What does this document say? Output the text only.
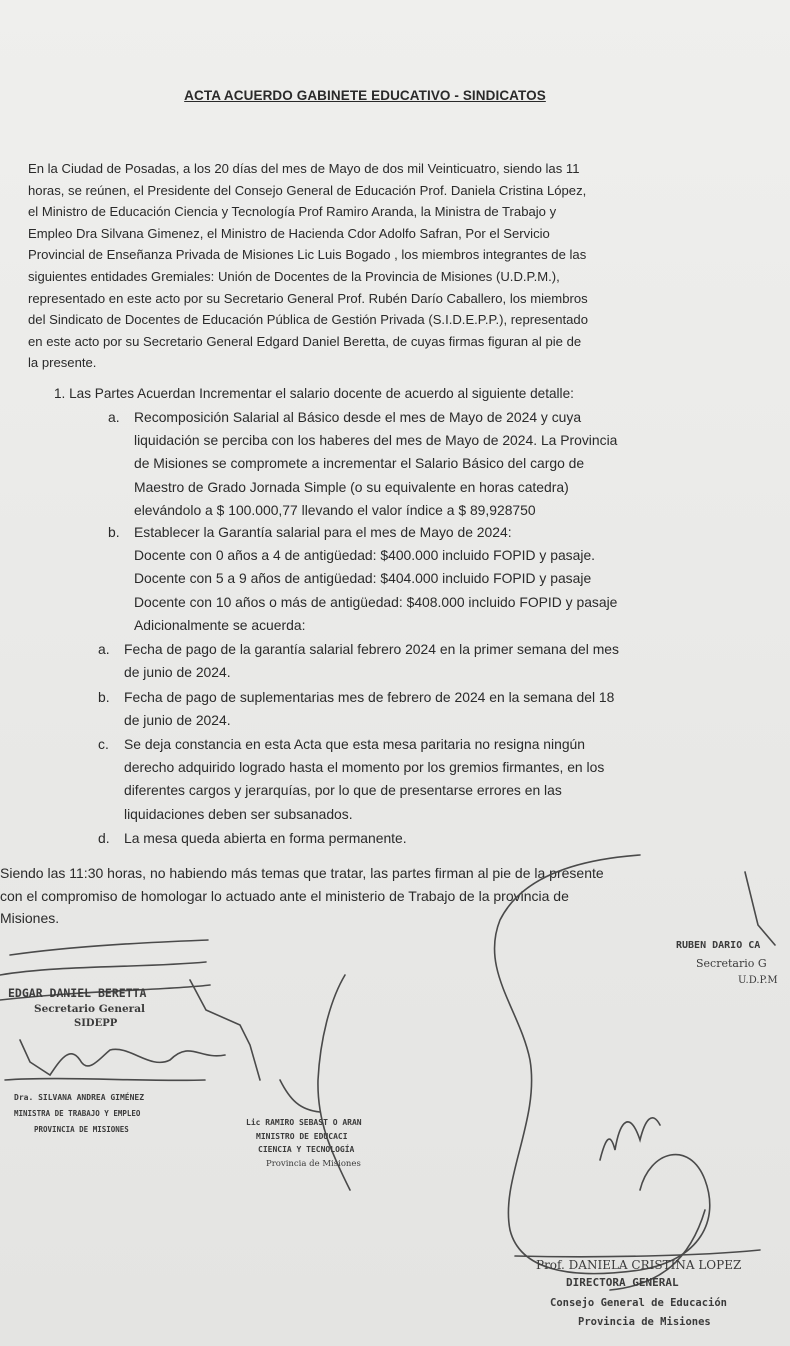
ACTA ACUERDO GABINETE EDUCATIVO - SINDICATOS
En la Ciudad de Posadas, a los 20 días del mes de Mayo de dos mil Veinticuatro, siendo las 11
horas, se reúnen, el Presidente del Consejo General de Educación Prof. Daniela Cristina López,
el Ministro de Educación Ciencia y Tecnología Prof Ramiro Aranda, la Ministra de Trabajo y
Empleo Dra Silvana Gimenez, el Ministro de Hacienda Cdor Adolfo Safran, Por el Servicio
Provincial de Enseñanza Privada de Misiones Lic Luis Bogado , los miembros integrantes de las
siguientes entidades Gremiales: Unión de Docentes de la Provincia de Misiones (U.D.P.M.),
representado en este acto por su Secretario General Prof. Rubén Darío Caballero, los miembros
del Sindicato de Docentes de Educación Pública de Gestión Privada (S.I.D.E.P.P.), representado
en este acto por su Secretario General Edgard Daniel Beretta, de cuyas firmas figuran al pie de
la presente.
1. Las Partes Acuerdan Incrementar el salario docente de acuerdo al siguiente detalle:
a. Recomposición Salarial al Básico desde el mes de Mayo de 2024 y cuya
liquidación se perciba con los haberes del mes de Mayo de 2024. La Provincia
de Misiones se compromete a incrementar el Salario Básico del cargo de
Maestro de Grado Jornada Simple (o su equivalente en horas catedra)
elevándolo a $ 100.000,77 llevando el valor índice a $ 89,928750
b. Establecer la Garantía salarial para el mes de Mayo de 2024:
Docente con 0 años a 4 de antigüedad: $400.000 incluido FOPID y pasaje.
Docente con 5 a 9 años de antigüedad: $404.000 incluido FOPID y pasaje
Docente con 10 años o más de antigüedad: $408.000 incluido FOPID y pasaje
Adicionalmente se acuerda:
a. Fecha de pago de la garantía salarial febrero 2024 en la primer semana del mes
de junio de 2024.
b. Fecha de pago de suplementarias mes de febrero de 2024 en la semana del 18
de junio de 2024.
c. Se deja constancia en esta Acta que esta mesa paritaria no resigna ningún
derecho adquirido logrado hasta el momento por los gremios firmantes, en los
diferentes cargos y jerarquías, por lo que de presentarse errores en las
liquidaciones deben ser subsanados.
d. La mesa queda abierta en forma permanente.
Siendo las 11:30 horas, no habiendo más temas que tratar, las partes firman al pie de la presente
con el compromiso de homologar lo actuado ante el ministerio de Trabajo de la provincia de
Misiones.
EDGAR DANIEL BERETTA
Secretario General
SIDEPP
Dra. SILVANA ANDREA GIMÉNEZ
MINISTRA DE TRABAJO Y EMPLEO
PROVINCIA DE MISIONES
Lic RAMIRO SEBAST O ARAN
MINISTRO DE EDUCACI
CIENCIA Y TECNOLOGÍA
Provincia de Misiones
RUBEN DARIO CA
Secretario G
U.D.P.M
Prof. DANIELA CRISTINA LOPEZ
DIRECTORA GENERAL
Consejo General de Educación
Provincia de Misiones
